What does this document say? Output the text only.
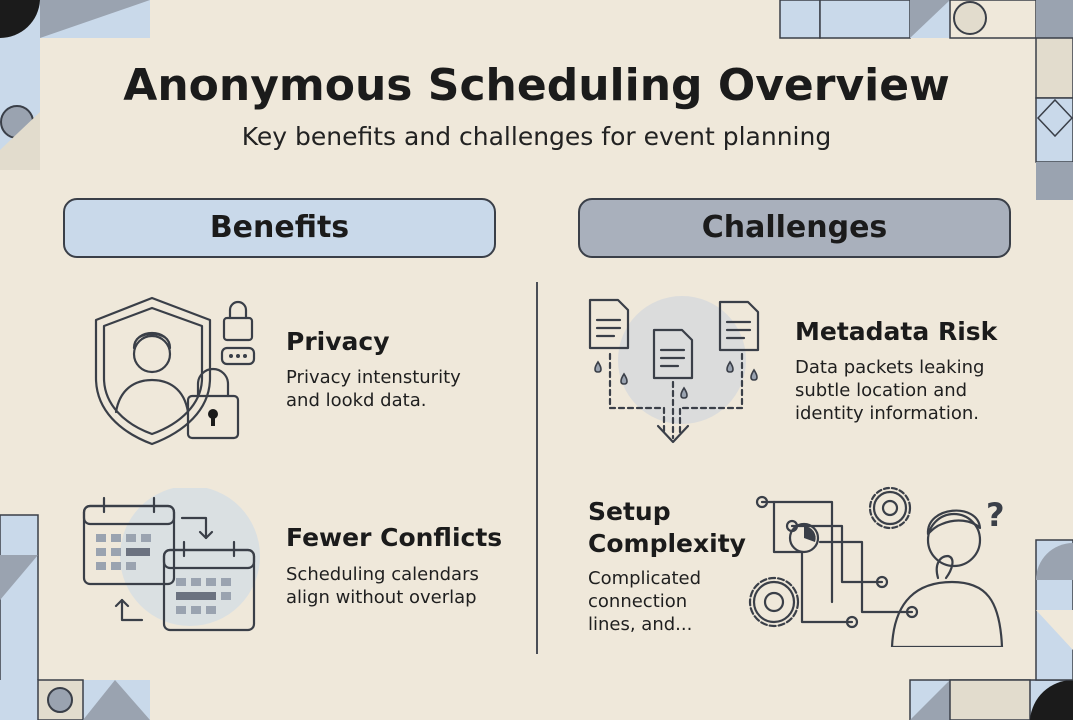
Anonymous Scheduling Overview

Key benefits and challenges for event planning

Benefits	Challenges
Privacy

Privacy intensturity

and lookd data.

Fewer Conflicts

Scheduling calendars

align without overlap

Metadata Risk

Data packets leaking

subtle location and

identity information.

Setup
Complexity

Complicated

connection

lines, and...

?
